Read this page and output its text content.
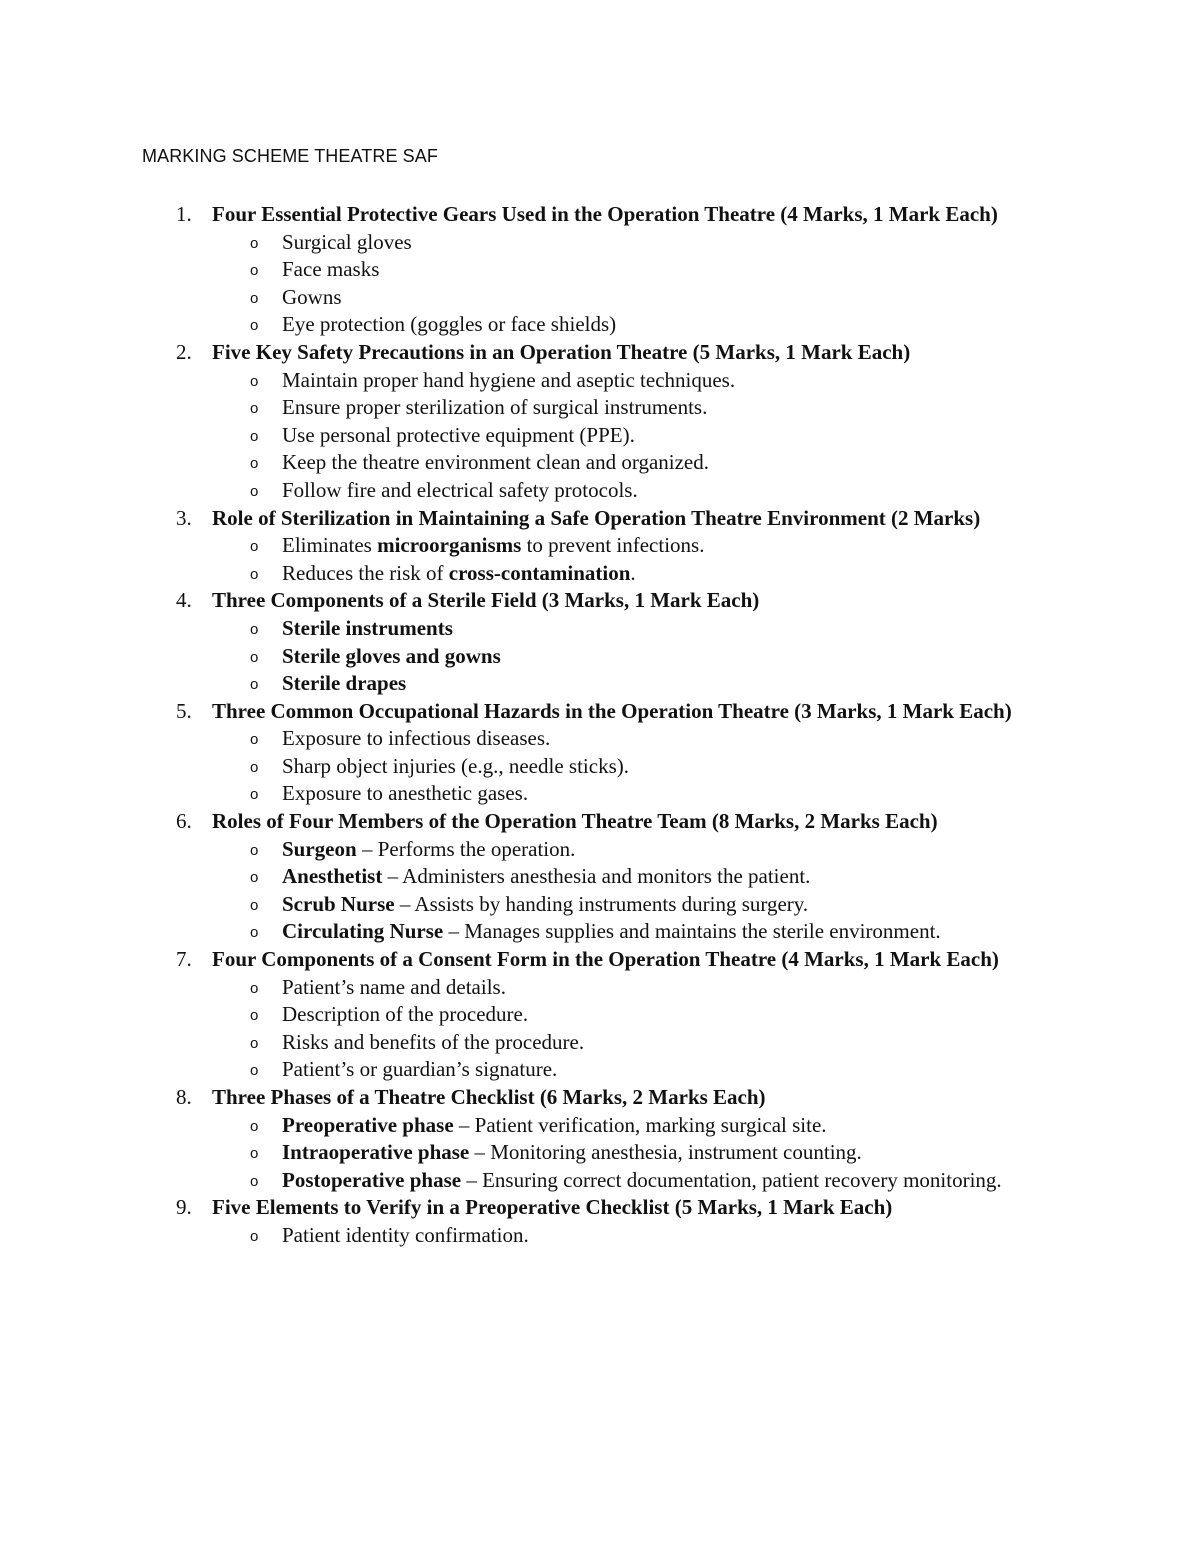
MARKING SCHEME THEATRE SAF
1. Four Essential Protective Gears Used in the Operation Theatre (4 Marks, 1 Mark Each)
o Surgical gloves
o Face masks
o Gowns
o Eye protection (goggles or face shields)
2. Five Key Safety Precautions in an Operation Theatre (5 Marks, 1 Mark Each)
o Maintain proper hand hygiene and aseptic techniques.
o Ensure proper sterilization of surgical instruments.
o Use personal protective equipment (PPE).
o Keep the theatre environment clean and organized.
o Follow fire and electrical safety protocols.
3. Role of Sterilization in Maintaining a Safe Operation Theatre Environment (2 Marks)
o Eliminates microorganisms to prevent infections.
o Reduces the risk of cross-contamination.
4. Three Components of a Sterile Field (3 Marks, 1 Mark Each)
o Sterile instruments
o Sterile gloves and gowns
o Sterile drapes
5. Three Common Occupational Hazards in the Operation Theatre (3 Marks, 1 Mark Each)
o Exposure to infectious diseases.
o Sharp object injuries (e.g., needle sticks).
o Exposure to anesthetic gases.
6. Roles of Four Members of the Operation Theatre Team (8 Marks, 2 Marks Each)
o Surgeon – Performs the operation.
o Anesthetist – Administers anesthesia and monitors the patient.
o Scrub Nurse – Assists by handing instruments during surgery.
o Circulating Nurse – Manages supplies and maintains the sterile environment.
7. Four Components of a Consent Form in the Operation Theatre (4 Marks, 1 Mark Each)
o Patient’s name and details.
o Description of the procedure.
o Risks and benefits of the procedure.
o Patient’s or guardian’s signature.
8. Three Phases of a Theatre Checklist (6 Marks, 2 Marks Each)
o Preoperative phase – Patient verification, marking surgical site.
o Intraoperative phase – Monitoring anesthesia, instrument counting.
o Postoperative phase – Ensuring correct documentation, patient recovery monitoring.
9. Five Elements to Verify in a Preoperative Checklist (5 Marks, 1 Mark Each)
o Patient identity confirmation.
